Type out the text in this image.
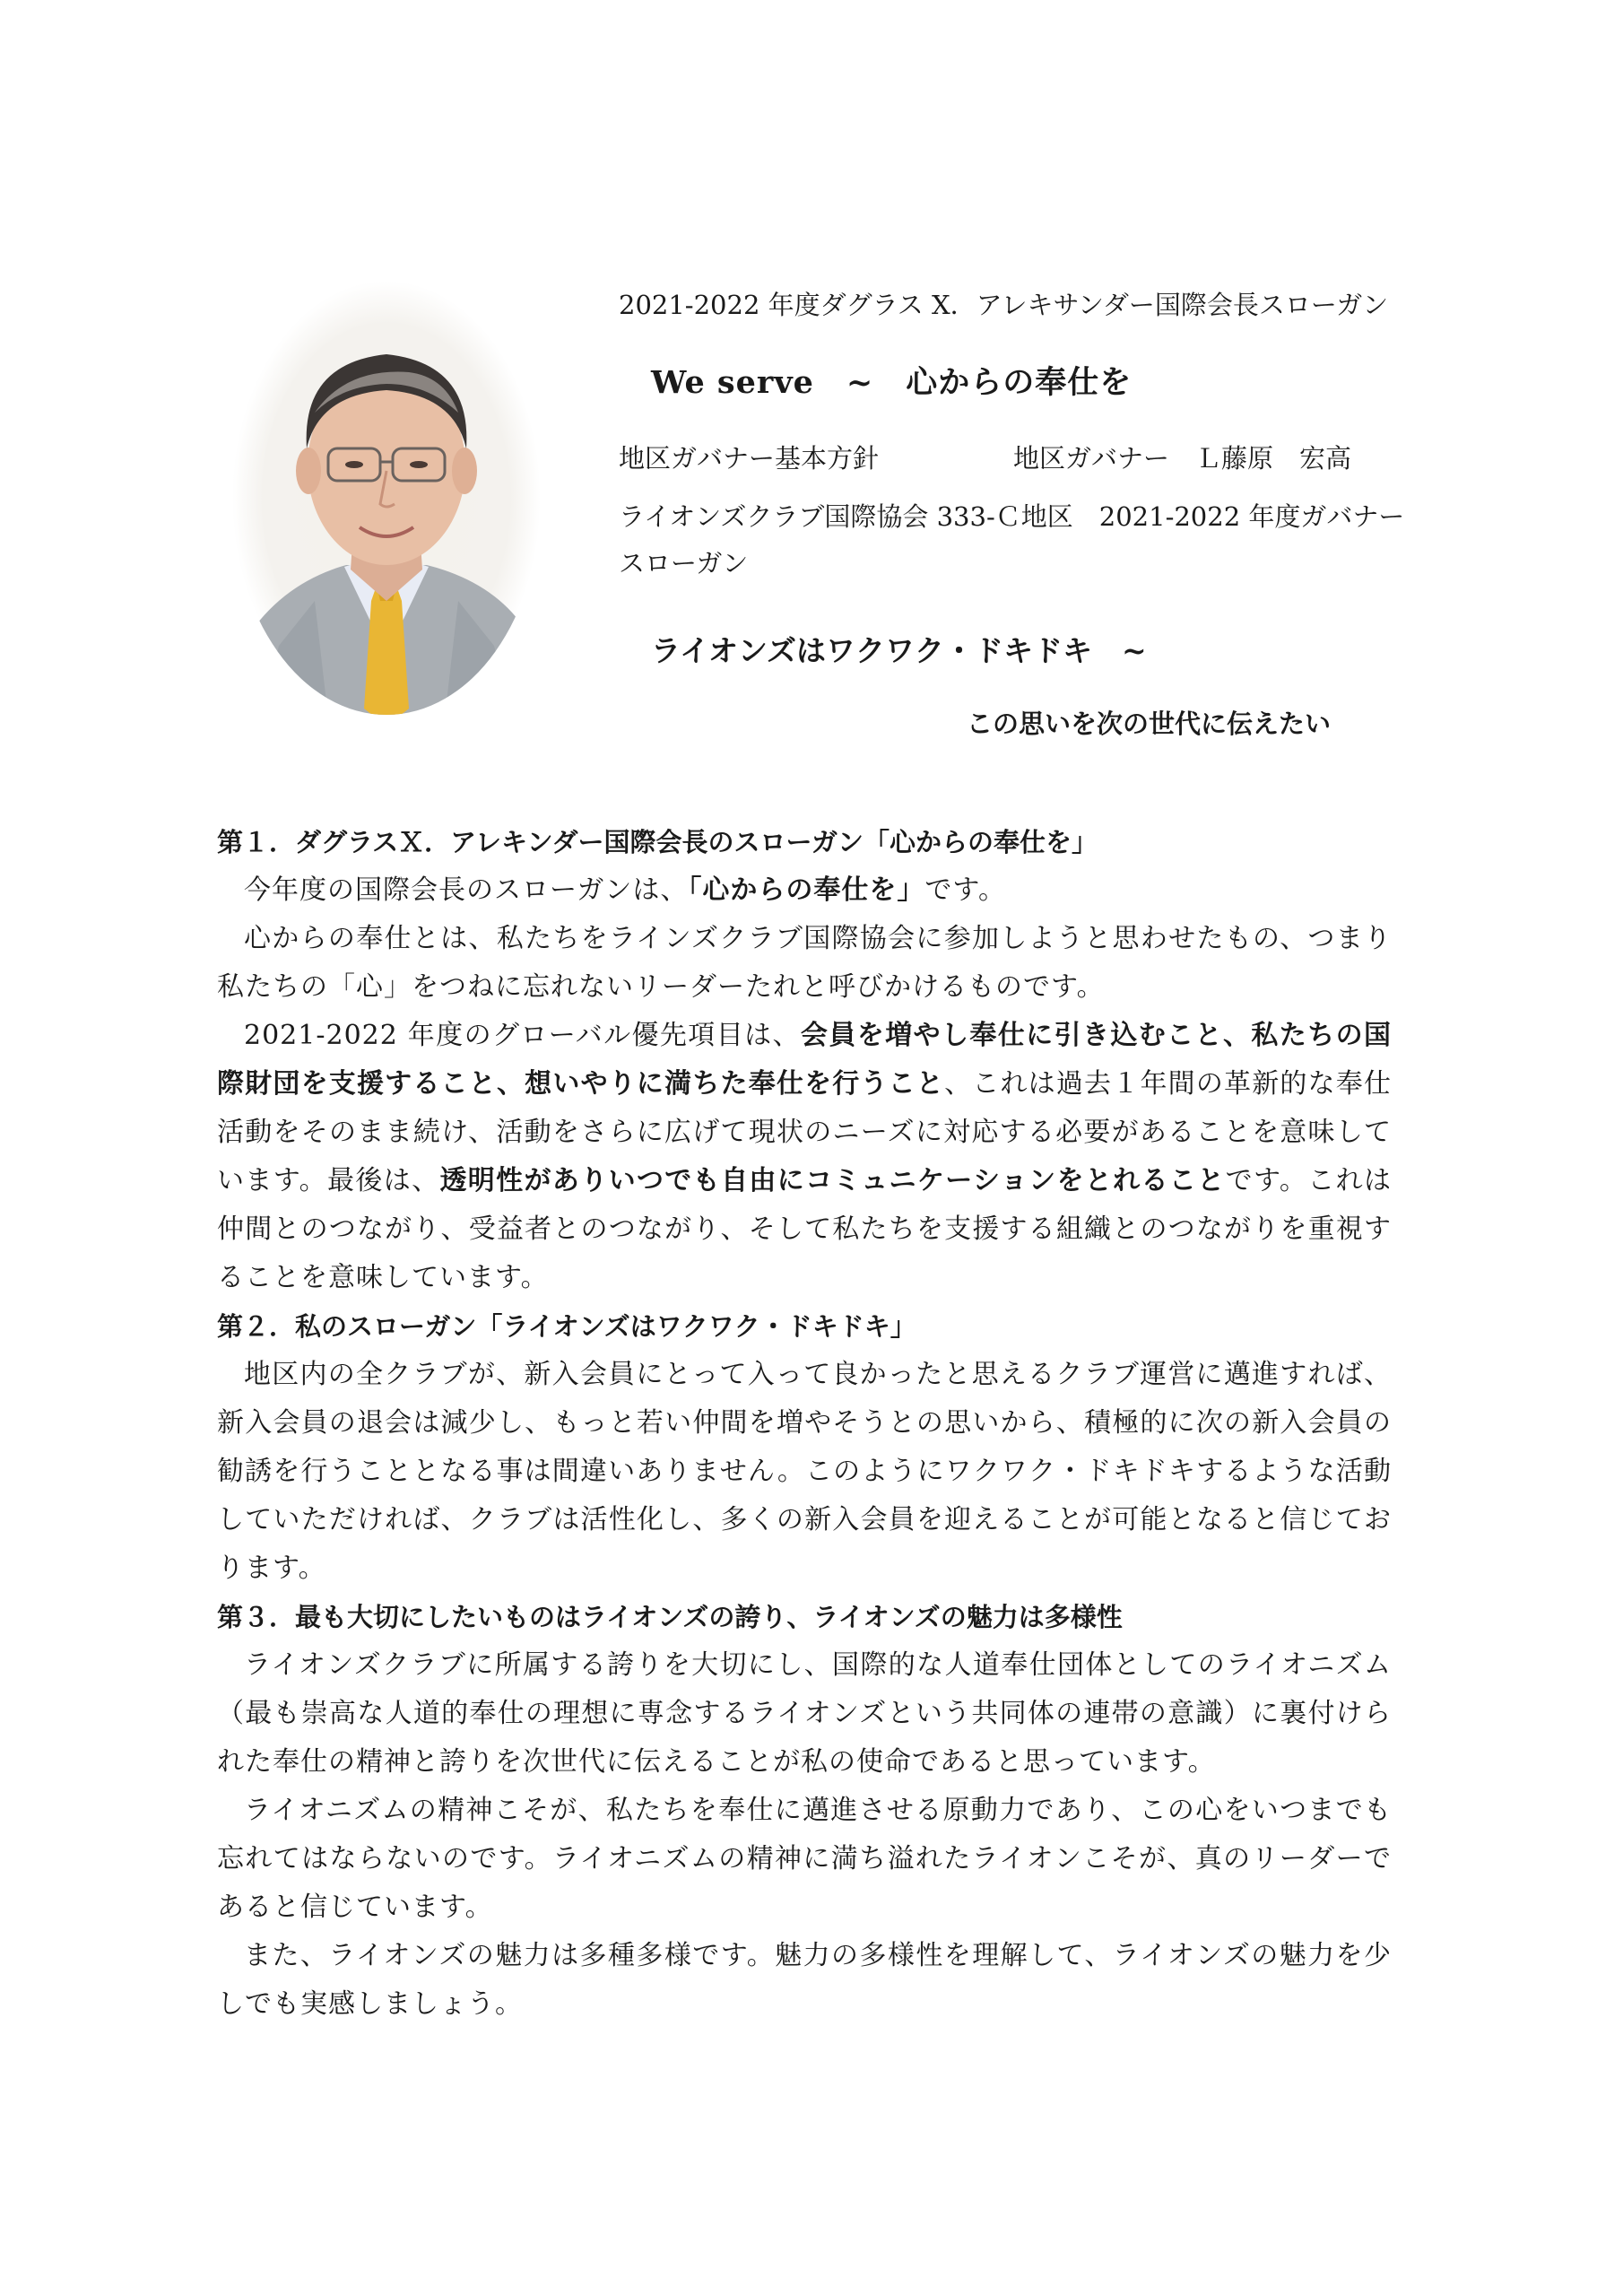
2021-2022 年度ダグラス X．アレキサンダー国際会長スローガン
We serve　~　心からの奉仕を
地区ガバナー基本方針	地区ガバナー　Ｌ藤原　宏高
ライオンズクラブ国際協会 333-Ｃ地区　2021-2022 年度ガバナースローガン
ライオンズはワクワク・ドキドキ　~
この思いを次の世代に伝えたい
第１．ダグラスＸ．アレキンダー国際会長のスローガン「心からの奉仕を」
今年度の国際会長のスローガンは、「心からの奉仕を」です。
心からの奉仕とは、私たちをラインズクラブ国際協会に参加しようと思わせたもの、つまり私たちの「心」をつねに忘れないリーダーたれと呼びかけるものです。
2021-2022 年度のグローバル優先項目は、会員を増やし奉仕に引き込むこと、私たちの国際財団を支援すること、想いやりに満ちた奉仕を行うこと、これは過去１年間の革新的な奉仕活動をそのまま続け、活動をさらに広げて現状のニーズに対応する必要があることを意味しています。最後は、透明性がありいつでも自由にコミュニケーションをとれることです。これは仲間とのつながり、受益者とのつながり、そして私たちを支援する組織とのつながりを重視することを意味しています。
第２．私のスローガン「ライオンズはワクワク・ドキドキ」
地区内の全クラブが、新入会員にとって入って良かったと思えるクラブ運営に邁進すれば、新入会員の退会は減少し、もっと若い仲間を増やそうとの思いから、積極的に次の新入会員の勧誘を行うこととなる事は間違いありません。このようにワクワク・ドキドキするような活動していただければ、クラブは活性化し、多くの新入会員を迎えることが可能となると信じております。
第３．最も大切にしたいものはライオンズの誇り、ライオンズの魅力は多様性
ライオンズクラブに所属する誇りを大切にし、国際的な人道奉仕団体としてのライオニズム（最も崇高な人道的奉仕の理想に専念するライオンズという共同体の連帯の意識）に裏付けられた奉仕の精神と誇りを次世代に伝えることが私の使命であると思っています。
ライオニズムの精神こそが、私たちを奉仕に邁進させる原動力であり、この心をいつまでも忘れてはならないのです。ライオニズムの精神に満ち溢れたライオンこそが、真のリーダーであると信じています。
また、ライオンズの魅力は多種多様です。魅力の多様性を理解して、ライオンズの魅力を少しでも実感しましょう。
